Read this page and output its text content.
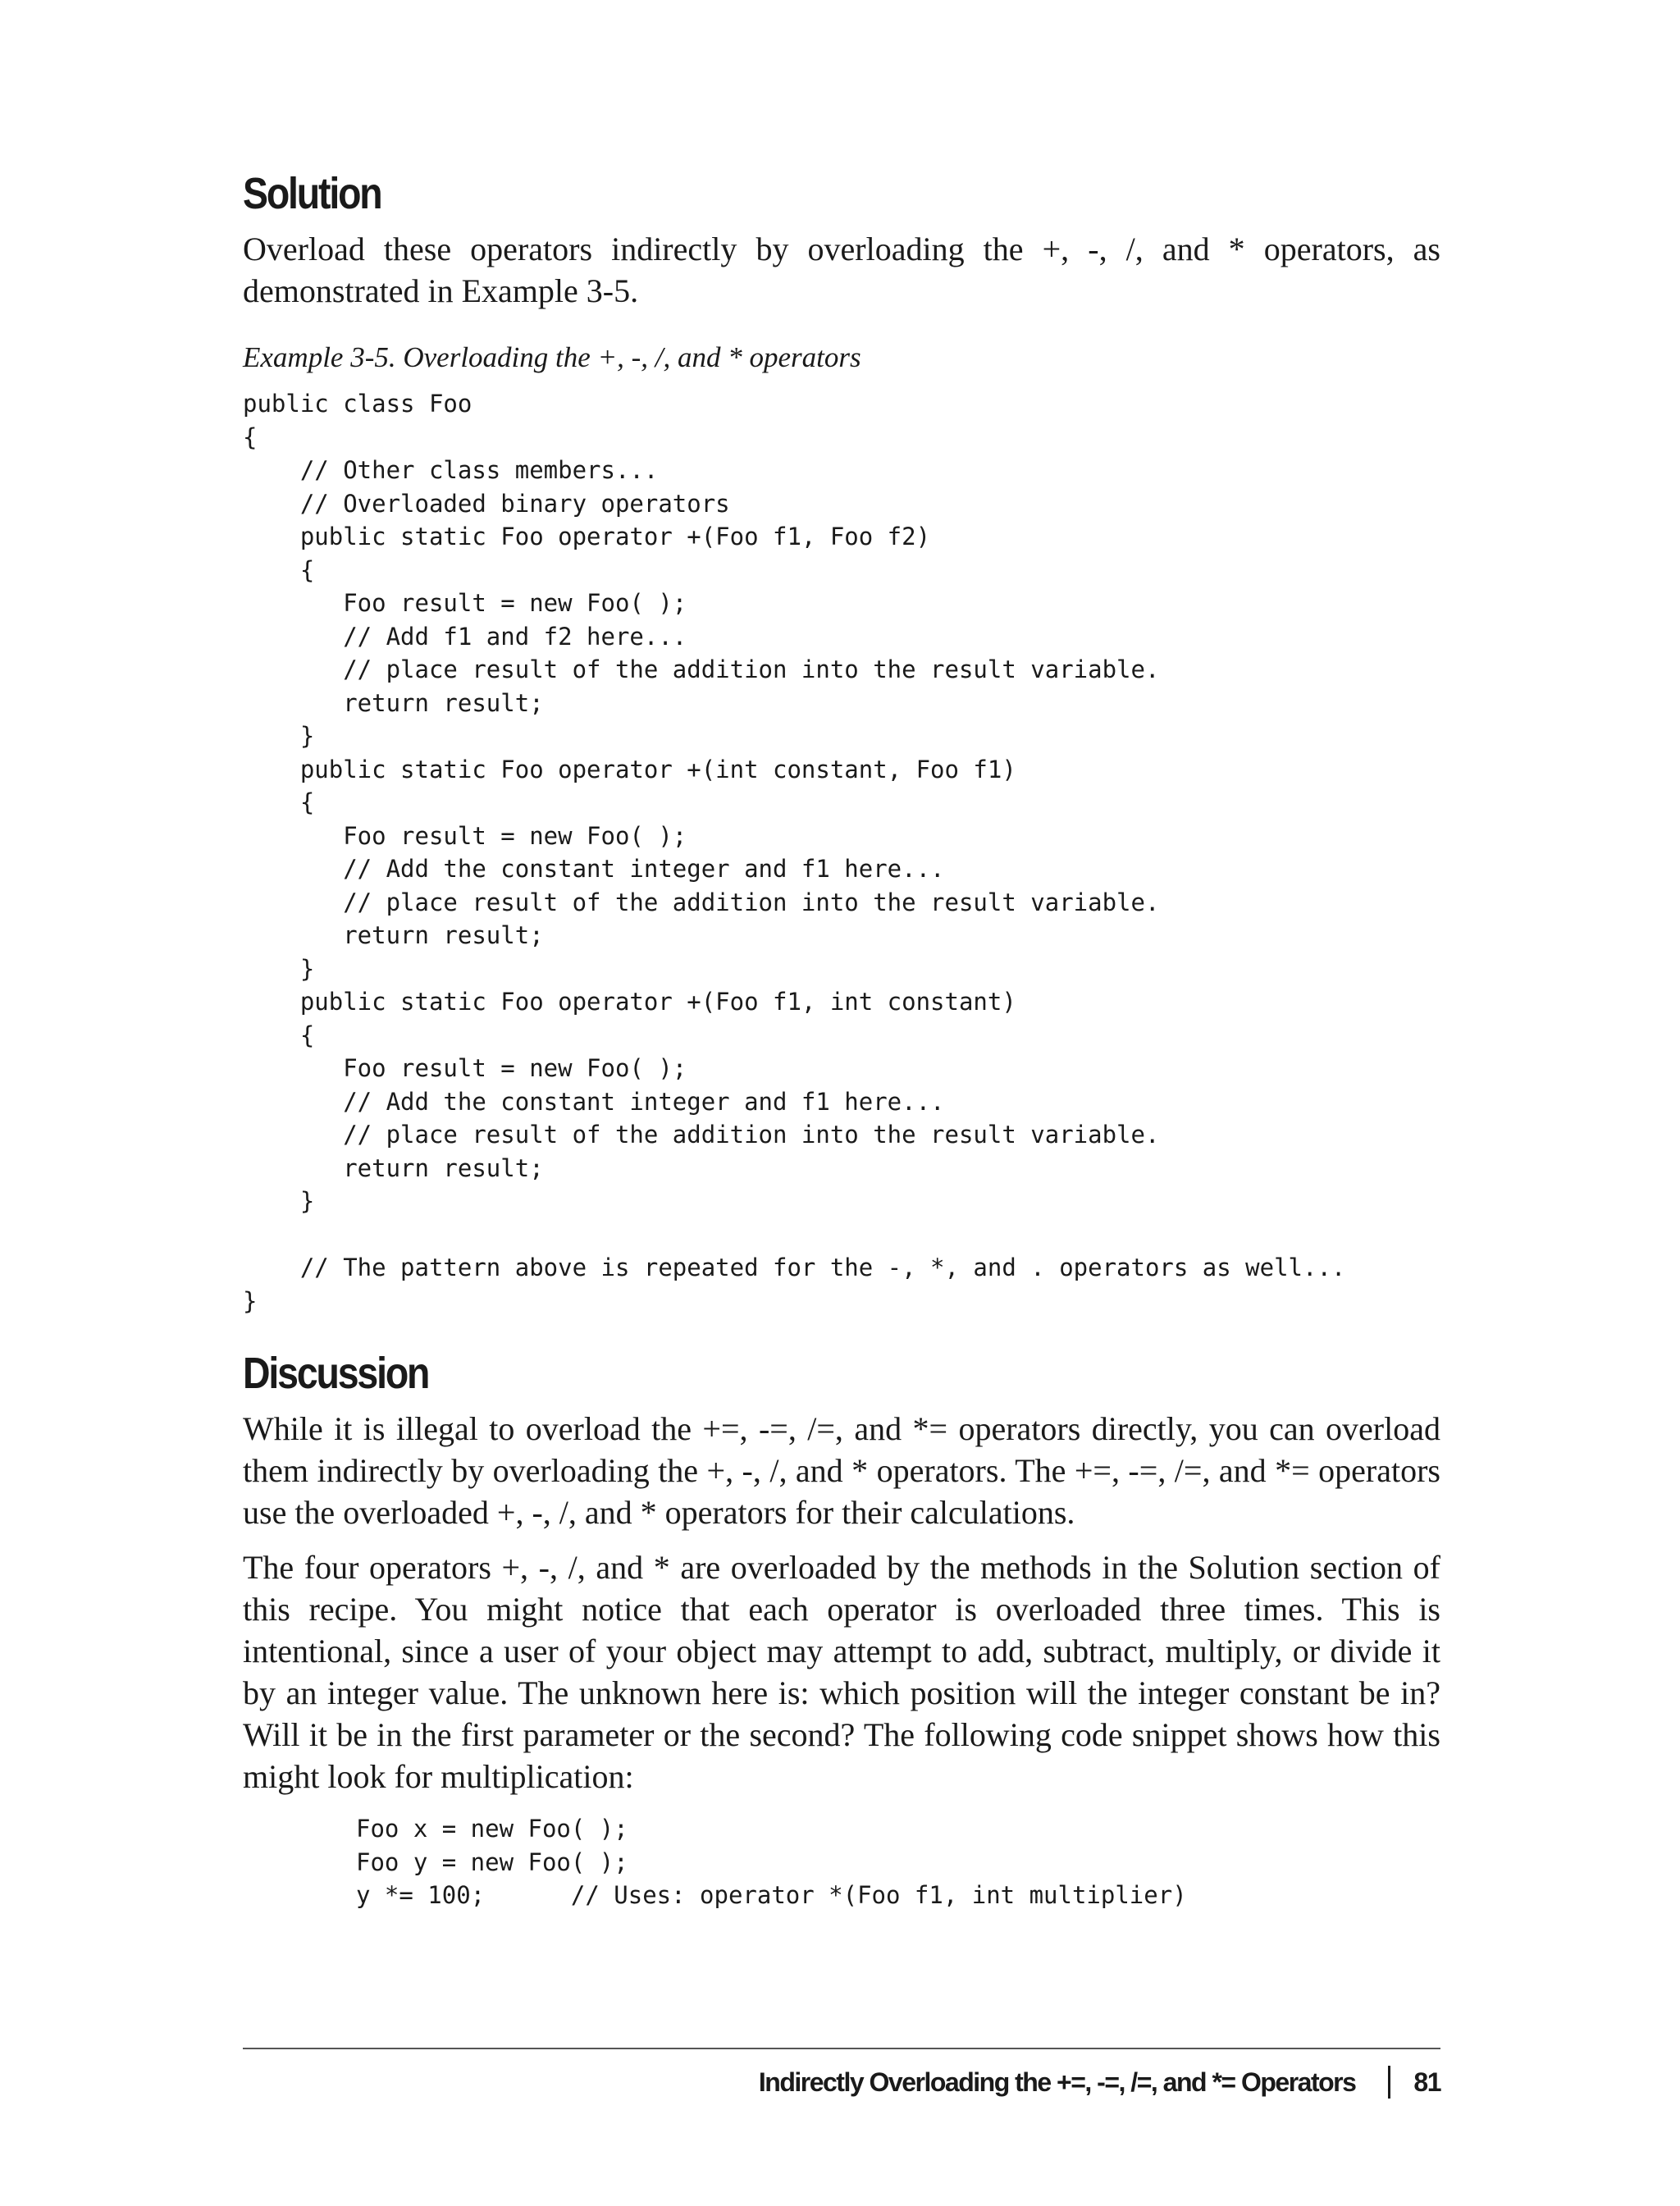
Solution

Overload these operators indirectly by overloading the +, -, /, and * operators, as demonstrated in Example 3-5.

Example 3-5. Overloading the +, -, /, and * operators

public class Foo
{
// Other class members...
// Overloaded binary operators
public static Foo operator +(Foo f1, Foo f2)
{
Foo result = new Foo( );
// Add f1 and f2 here...
// place result of the addition into the result variable.
return result;
}
public static Foo operator +(int constant, Foo f1)
{
Foo result = new Foo( );
// Add the constant integer and f1 here...
// place result of the addition into the result variable.
return result;
}
public static Foo operator +(Foo f1, int constant)
{
Foo result = new Foo( );
// Add the constant integer and f1 here...
// place result of the addition into the result variable.
return result;
}

// The pattern above is repeated for the -, *, and . operators as well...
}
Discussion

While it is illegal to overload the +=, -=, /=, and *= operators directly, you can overload them indirectly by overloading the +, -, /, and * operators. The +=, -=, /=, and *= operators use the overloaded +, -, /, and * operators for their calculations.

The four operators +, -, /, and * are overloaded by the methods in the Solution section of this recipe. You might notice that each operator is overloaded three times. This is intentional, since a user of your object may attempt to add, subtract, multiply, or divide it by an integer value. The unknown here is: which position will the integer constant be in? Will it be in the first parameter or the second? The following code snippet shows how this might look for multiplication:

Foo x = new Foo( );
Foo y = new Foo( );
y *= 100;      // Uses: operator *(Foo f1, int multiplier)
Indirectly Overloading the +=, -=, /=, and *= Operators 81
